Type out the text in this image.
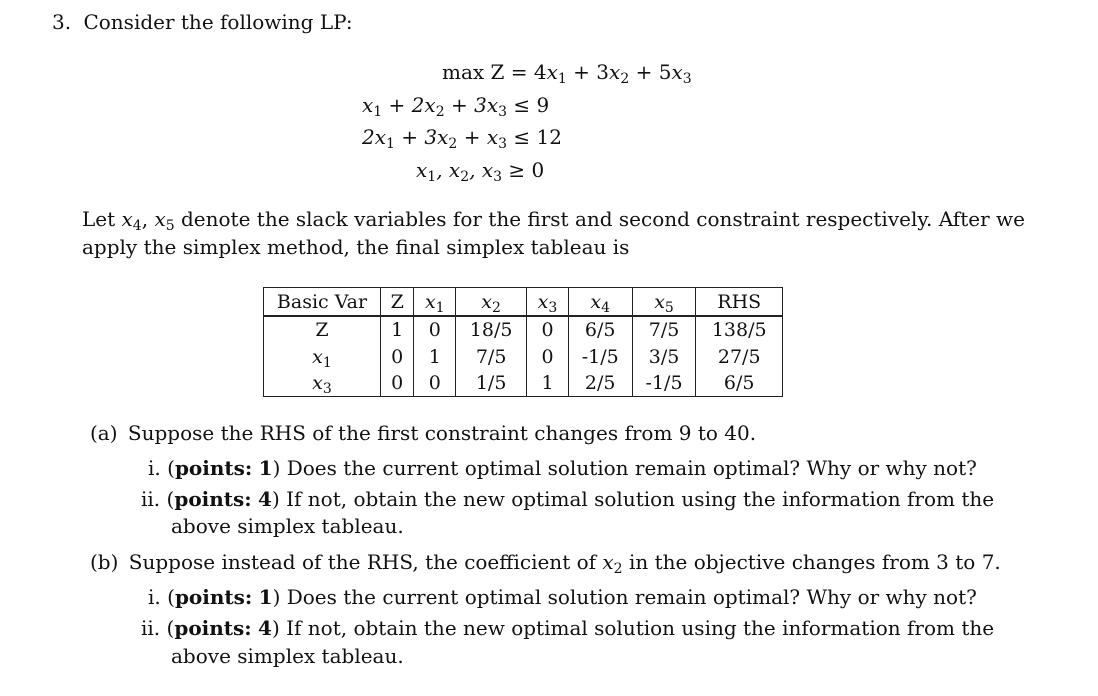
3. Consider the following LP:
$\max Z = 4x_1 + 3x_2 + 5x_3$
$x_1 + 2x_2 + 3x_3 \le 9$
$2x_1 + 3x_2 + x_3 \le 12$
$x_1$, $x_2$, $x_3 \ge 0$
Let $x_4$, $x_5$ denote the slack variables for the first and second constraint respectively. After we
apply the simplex method, the final simplex tableau is
Basic Var	Z	$x_1$	$x_2$	$x_3$	$x_4$	$x_5$	RHS
Z	1	0	18/5	0	6/5	7/5	138/5
$x_1$	0	1	7/5	0	-1/5	3/5	27/5
$x_3$	0	0	1/5	1	2/5	-1/5	6/5
(a) Suppose the RHS of the first constraint changes from 9 to 40.
i. (points: 1) Does the current optimal solution remain optimal? Why or why not?
ii. (points: 4) If not, obtain the new optimal solution using the information from the
above simplex tableau.
(b) Suppose instead of the RHS, the coefficient of $x_2$ in the objective changes from 3 to 7.
i. (points: 1) Does the current optimal solution remain optimal? Why or why not?
ii. (points: 4) If not, obtain the new optimal solution using the information from the
above simplex tableau.
